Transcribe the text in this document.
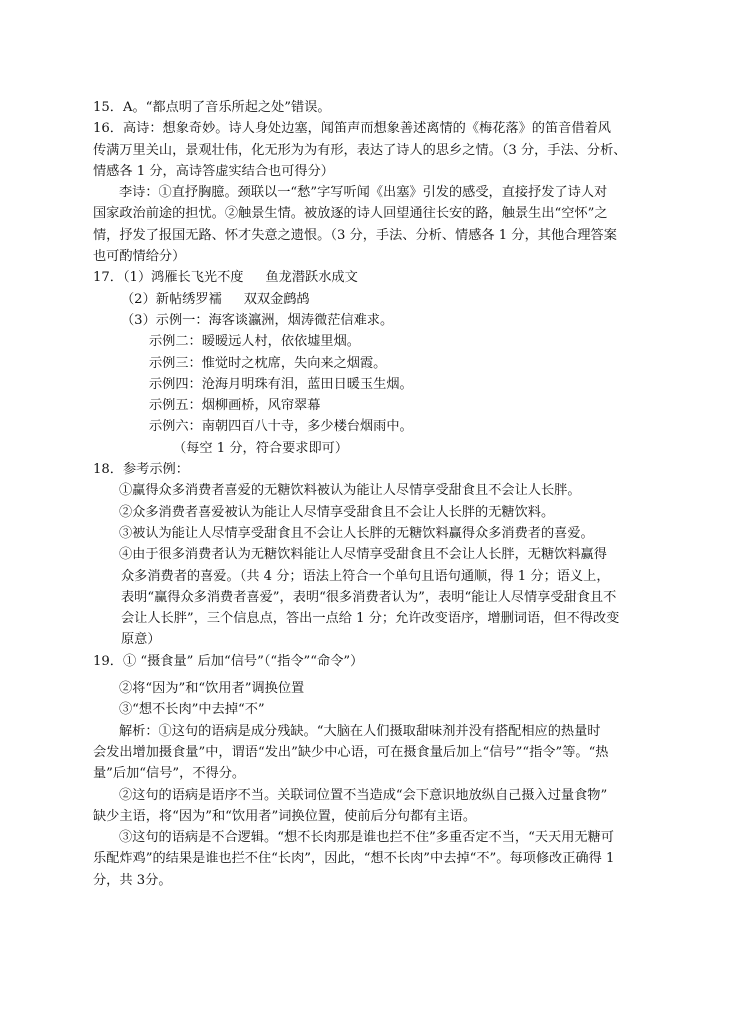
15．A。“都点明了音乐所起之处”错误。
16．高诗：想象奇妙。诗人身处边塞，闻笛声而想象善述离情的《梅花落》的笛音借着风
传满万里关山，景观壮伟，化无形为为有形，表达了诗人的思乡之情。（3 分，手法、分析、
情感各 1 分，高诗答虚实结合也可得分）
李诗：①直抒胸臆。颈联以一“愁”字写听闻《出塞》引发的感受，直接抒发了诗人对
国家政治前途的担忧。②触景生情。被放逐的诗人回望通往长安的路，触景生出“空怀”之
情，抒发了报国无路、怀才失意之遗恨。（3 分，手法、分析、情感各 1 分，其他合理答案
也可酌情给分）
17．（1）鸿雁长飞光不度 鱼龙潜跃水成文
（2）新帖绣罗襦 双双金鹧鸪
（3）示例一：海客谈瀛洲，烟涛微茫信难求。
示例二：暧暧远人村，依依墟里烟。
示例三：惟觉时之枕席，失向来之烟霞。
示例四：沧海月明珠有泪，蓝田日暖玉生烟。
示例五：烟柳画桥，风帘翠幕
示例六：南朝四百八十寺，多少楼台烟雨中。
（每空 1 分，符合要求即可）
18．参考示例：
①赢得众多消费者喜爱的无糖饮料被认为能让人尽情享受甜食且不会让人长胖。
②众多消费者喜爱被认为能让人尽情享受甜食且不会让人长胖的无糖饮料。
③被认为能让人尽情享受甜食且不会让人长胖的无糖饮料赢得众多消费者的喜爱。
④由于很多消费者认为无糖饮料能让人尽情享受甜食且不会让人长胖，无糖饮料赢得
众多消费者的喜爱。（共 4 分；语法上符合一个单句且语句通顺，得 1 分；语义上，
表明“赢得众多消费者喜爱”，表明“很多消费者认为”，表明“能让人尽情享受甜食且不
会让人长胖”，三个信息点，答出一点给 1 分；允许改变语序，增删词语，但不得改变
原意）
19．① “摄食量” 后加“信号”（“指令”“命令”）
②将“因为”和“饮用者”调换位置
③“想不长肉”中去掉“不”
解析：①这句的语病是成分残缺。“大脑在人们摄取甜味剂并没有搭配相应的热量时
会发出增加摄食量”中，谓语“发出”缺少中心语，可在摄食量后加上“信号”“指令”等。“热
量”后加“信号”，不得分。
②这句的语病是语序不当。关联词位置不当造成“会下意识地放纵自己摄入过量食物”
缺少主语，将“因为”和“饮用者”词换位置，使前后分句都有主语。
③这句的语病是不合逻辑。“想不长肉那是谁也拦不住”多重否定不当，“天天用无糖可
乐配炸鸡”的结果是谁也拦不住“长肉”，因此，“想不长肉”中去掉“不”。每项修改正确得 1
分，共 3分。
